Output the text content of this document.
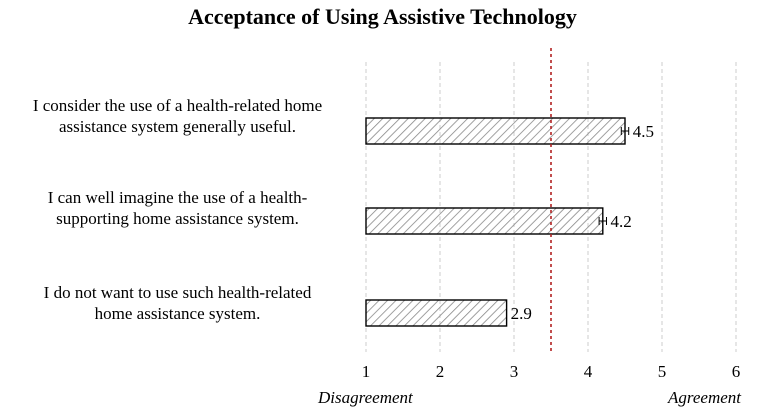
Acceptance of Using Assistive Technology
I consider the use of a health-related home
assistance system generally useful.
I can well imagine the use of a health-
supporting home assistance system.
I do not want to use such health-related
home assistance system.
4.5
4.2
2.9
1	2	3	4	5	6
Disagreement	Agreement
